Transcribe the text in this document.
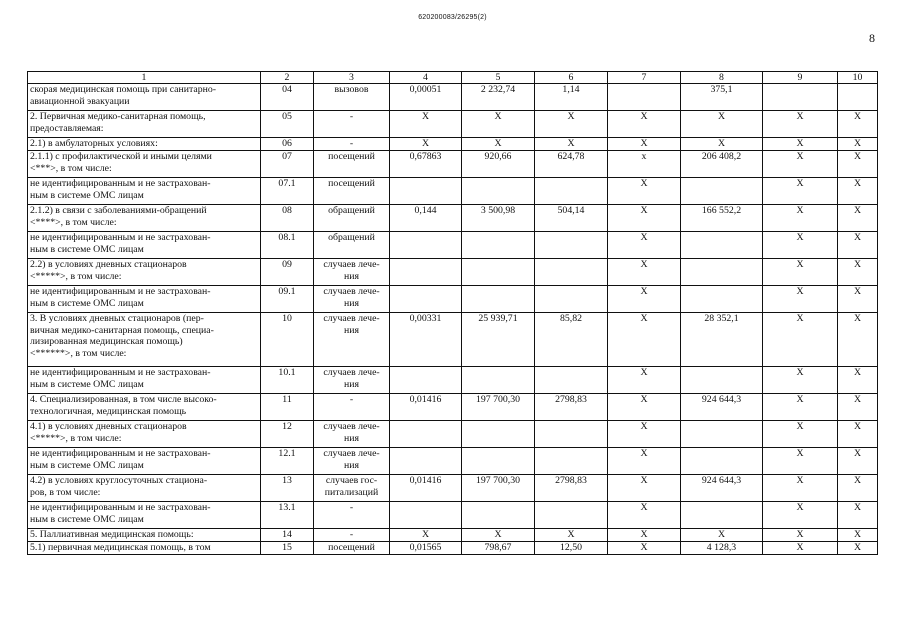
620200083/26295(2)
8
1	2	3	4	5	6	7	8	9	10
скорая медицинская помощь при санитарно-
авиационной эвакуации	04	вызовов	0,00051	2 232,74	1,14		375,1		
2. Первичная медико-санитарная помощь,
предоставляемая:	05	-	X	X	X	X	X	X	X
2.1) в амбулаторных условиях:	06	-	X	X	X	X	X	X	X
2.1.1) с профилактической и иными целями
<***>, в том числе:	07	посещений	0,67863	920,66	624,78	x	206 408,2	X	X
не идентифицированным и не застрахован-
ным в системе ОМС лицам	07.1	посещений				X		X	X
2.1.2) в связи с заболеваниями-обращений
<****>, в том числе:	08	обращений	0,144	3 500,98	504,14	X	166 552,2	X	X
не идентифицированным и не застрахован-
ным в системе ОМС лицам	08.1	обращений				X		X	X
2.2) в условиях дневных стационаров
<*****>, в том числе:	09	случаев лече-
ния				X		X	X
не идентифицированным и не застрахован-
ным в системе ОМС лицам	09.1	случаев лече-
ния				X		X	X
3. В условиях дневных стационаров (пер-
вичная медико-санитарная помощь, специа-
лизированная медицинская помощь)
<******>, в том числе:	10	случаев лече-
ния	0,00331	25 939,71	85,82	X	28 352,1	X	X
не идентифицированным и не застрахован-
ным в системе ОМС лицам	10.1	случаев лече-
ния				X		X	X
4. Специализированная, в том числе высоко-
технологичная, медицинская помощь	11	-	0,01416	197 700,30	2798,83	X	924 644,3	X	X
4.1) в условиях дневных стационаров
<*****>, в том числе:	12	случаев лече-
ния				X		X	X
не идентифицированным и не застрахован-
ным в системе ОМС лицам	12.1	случаев лече-
ния				X		X	X
4.2) в условиях круглосуточных стациона-
ров, в том числе:	13	случаев гос-
питализаций	0,01416	197 700,30	2798,83	X	924 644,3	X	X
не идентифицированным и не застрахован-
ным в системе ОМС лицам	13.1	-				X		X	X
5. Паллиативная медицинская помощь:	14	-	X	X	X	X	X	X	X
5.1) первичная медицинская помощь, в том	15	посещений	0,01565	798,67	12,50	X	4 128,3	X	X
